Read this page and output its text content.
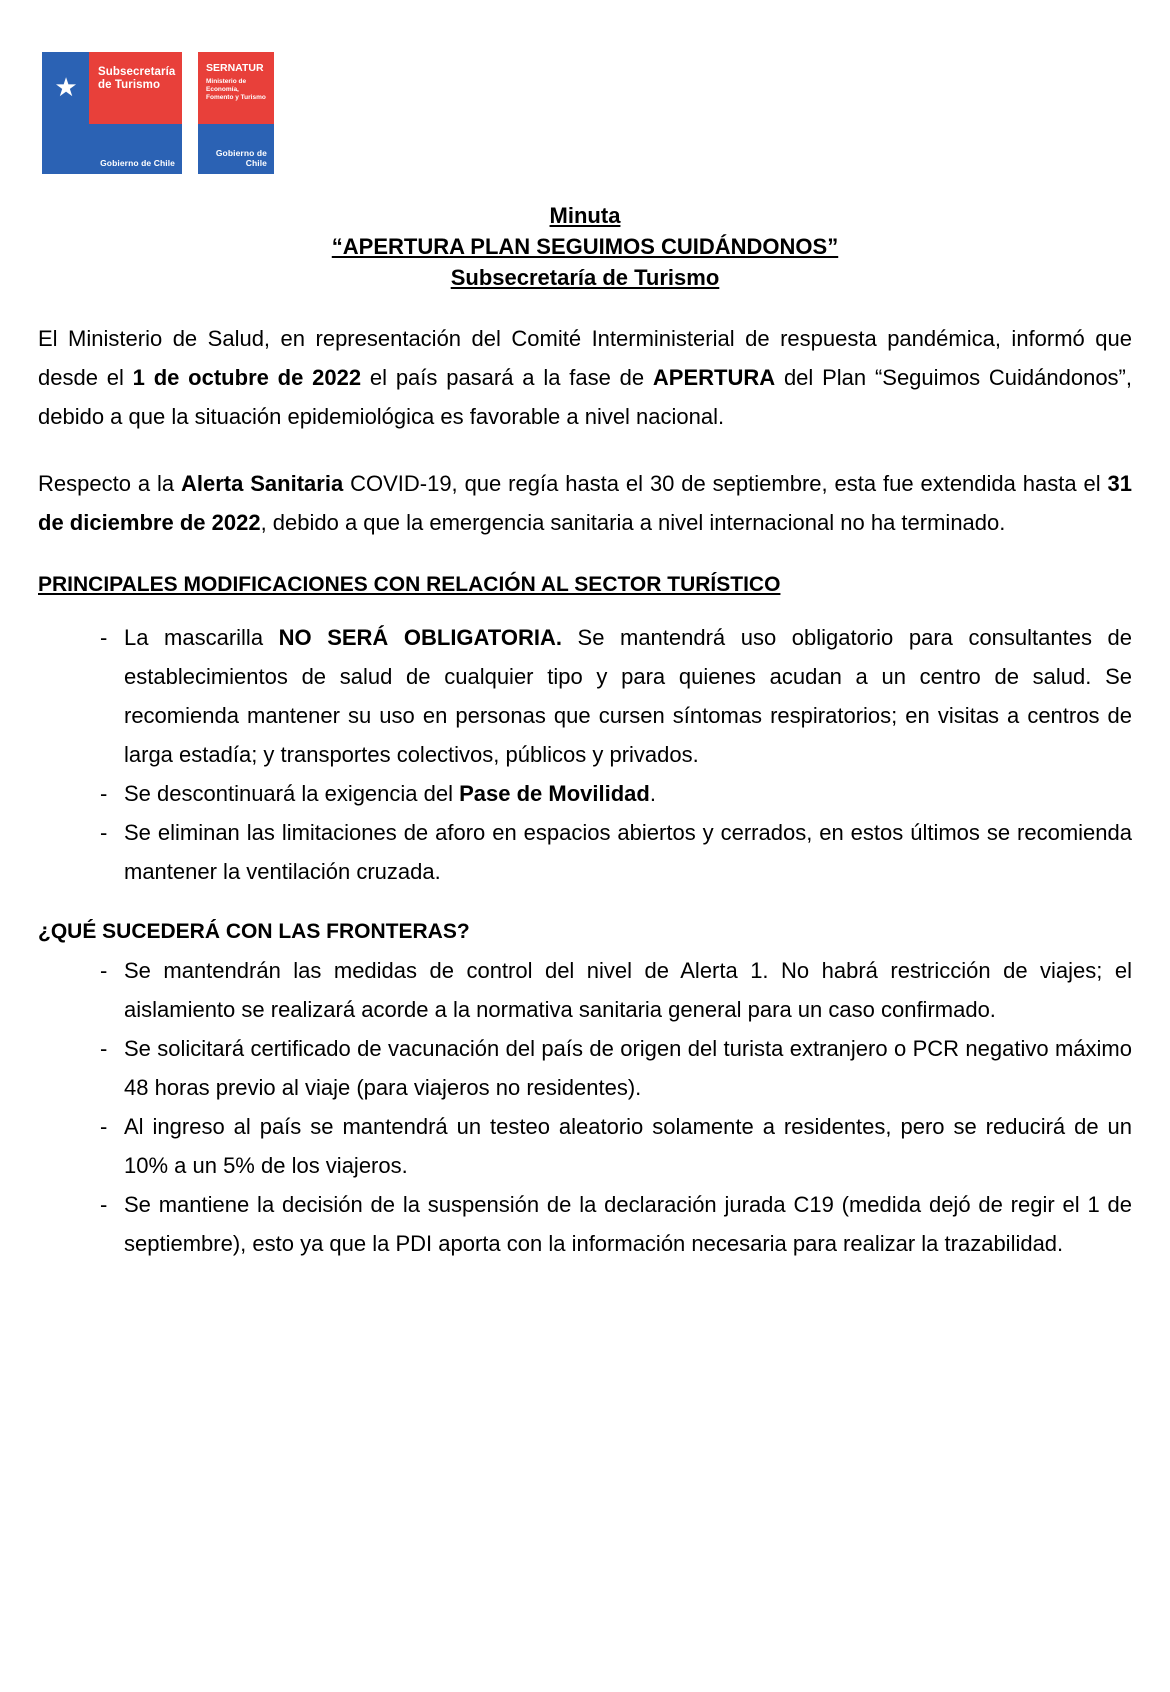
★ Subsecretaría
de Turismo
Gobierno de Chile
SERNATUR
Ministerio de Economía, Fomento y Turismo
Gobierno de Chile
Minuta
“APERTURA PLAN SEGUIMOS CUIDÁNDONOS”
Subsecretaría de Turismo

El Ministerio de Salud, en representación del Comité Interministerial de respuesta pandémica, informó que desde el 1 de octubre de 2022 el país pasará a la fase de APERTURA del Plan “Seguimos Cuidándonos”, debido a que la situación epidemiológica es favorable a nivel nacional.

Respecto a la Alerta Sanitaria COVID-19, que regía hasta el 30 de septiembre, esta fue extendida hasta el 31 de diciembre de 2022, debido a que la emergencia sanitaria a nivel internacional no ha terminado.

PRINCIPALES MODIFICACIONES CON RELACIÓN AL SECTOR TURÍSTICO
- La mascarilla NO SERÁ OBLIGATORIA. Se mantendrá uso obligatorio para consultantes de establecimientos de salud de cualquier tipo y para quienes acudan a un centro de salud. Se recomienda mantener su uso en personas que cursen síntomas respiratorios; en visitas a centros de larga estadía; y transportes colectivos, públicos y privados.
- Se descontinuará la exigencia del Pase de Movilidad.
- Se eliminan las limitaciones de aforo en espacios abiertos y cerrados, en estos últimos se recomienda mantener la ventilación cruzada.
¿QUÉ SUCEDERÁ CON LAS FRONTERAS?
- Se mantendrán las medidas de control del nivel de Alerta 1. No habrá restricción de viajes; el aislamiento se realizará acorde a la normativa sanitaria general para un caso confirmado.
- Se solicitará certificado de vacunación del país de origen del turista extranjero o PCR negativo máximo 48 horas previo al viaje (para viajeros no residentes).
- Al ingreso al país se mantendrá un testeo aleatorio solamente a residentes, pero se reducirá de un 10% a un 5% de los viajeros.
- Se mantiene la decisión de la suspensión de la declaración jurada C19 (medida dejó de regir el 1 de septiembre), esto ya que la PDI aporta con la información necesaria para realizar la trazabilidad.
